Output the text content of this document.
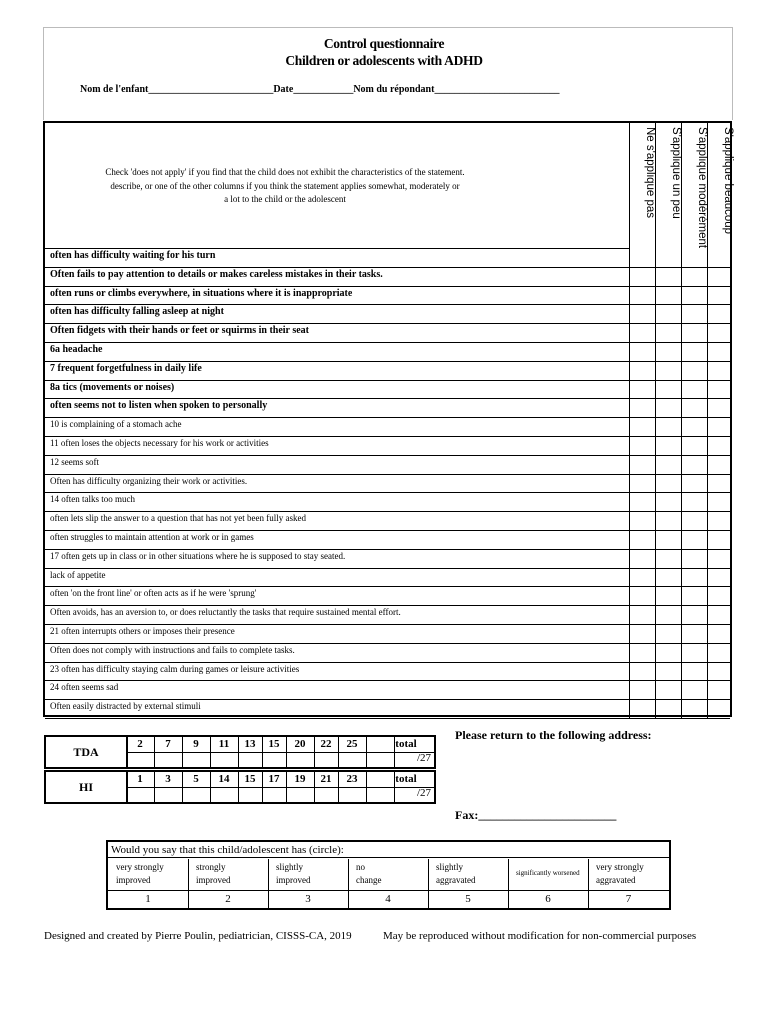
Control questionnaire
Children or adolescents with ADHD
Nom de l'enfant_________________________Date____________Nom du répondant_________________________
Check 'does not apply' if you find that the child does not exhibit the characteristics of the statement.
describe, or one of the other columns if you think the statement applies somewhat, moderately or
a lot to the child or the adolescent	Ne s'applique pas	S'applique un peu	S'applique modérément	S'applique beaucoup
often has difficulty waiting for his turn
Often fails to pay attention to details or makes careless mistakes in their tasks.
often runs or climbs everywhere, in situations where it is inappropriate
often has difficulty falling asleep at night
Often fidgets with their hands or feet or squirms in their seat
6a headache
7 frequent forgetfulness in daily life
8a tics (movements or noises)
often seems not to listen when spoken to personally
10 is complaining of a stomach ache
11 often loses the objects necessary for his work or activities
12 seems soft
Often has difficulty organizing their work or activities.
14 often talks too much
often lets slip the answer to a question that has not yet been fully asked
often struggles to maintain attention at work or in games
17 often gets up in class or in other situations where he is supposed to stay seated.
lack of appetite
often 'on the front line' or often acts as if he were 'sprung'
Often avoids, has an aversion to, or does reluctantly the tasks that require sustained mental effort.
21 often interrupts others or imposes their presence
Often does not comply with instructions and fails to complete tasks.
23 often has difficulty staying calm during games or leisure activities
24 often seems sad
Often easily distracted by external stimuli
TDA
2	7	9	11	13	15	20	22	25	total
/27
HI
1	3	5	14	15	17	19	21	23	total
/27
Please return to the following address:
Fax:_______________________
Would you say that this child/adolescent has (circle):
very strongly
improved
1
strongly
improved
2
slightly
improved
3
no
change
4
slightly
aggravated
5
significantly worsened
6
very strongly
aggravated
7
Designed and created by Pierre Poulin, pediatrician, CISSS-CA, 2019	May be reproduced without modification for non-commercial purposes
